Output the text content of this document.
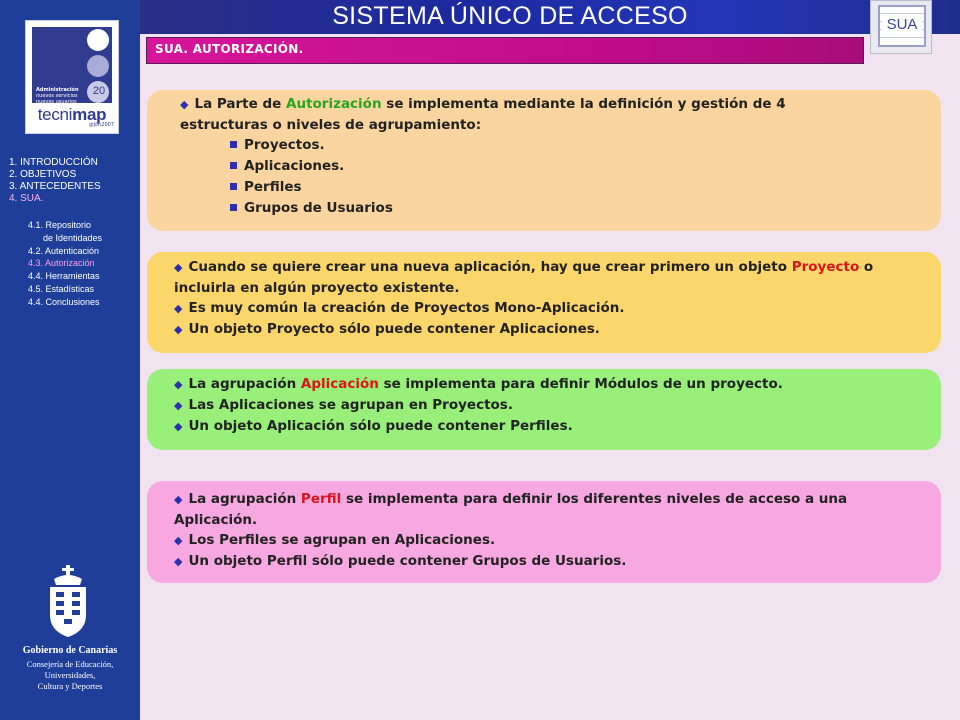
20
Administración
nuevos servicios
nuevos usuarios
tecnimap
gijón2007
1. INTRODUCCIÓN
2. OBJETIVOS
3. ANTECEDENTES
4. SUA.
4.1. Repositorio
de Identidades
4.2. Autenticación
4.3. Autorización
4.4. Herramientas
4.5. Estadísticas
4.4. Conclusiones
Gobierno de Canarias
Consejería de Educación,
Universidades,
Cultura y Deportes
SISTEMA ÚNICO DE ACCESO	SUA
SUA. AUTORIZACIÓN.
◆ La Parte de Autorización se implementa mediante la definición y gestión de 4
estructuras o niveles de agrupamiento:
Proyectos.
Aplicaciones.
Perfiles
Grupos de Usuarios
◆ Cuando se quiere crear una nueva aplicación, hay que crear primero un objeto Proyecto o
incluirla en algún proyecto existente.
◆ Es muy común la creación de Proyectos Mono-Aplicación.
◆ Un objeto Proyecto sólo puede contener Aplicaciones.
◆ La agrupación Aplicación se implementa para definir Módulos de un proyecto.
◆ Las Aplicaciones se agrupan en Proyectos.
◆ Un objeto Aplicación sólo puede contener Perfiles.
◆ La agrupación Perfil se implementa para definir los diferentes niveles de acceso a una
Aplicación.
◆ Los Perfiles se agrupan en Aplicaciones.
◆ Un objeto Perfil sólo puede contener Grupos de Usuarios.
